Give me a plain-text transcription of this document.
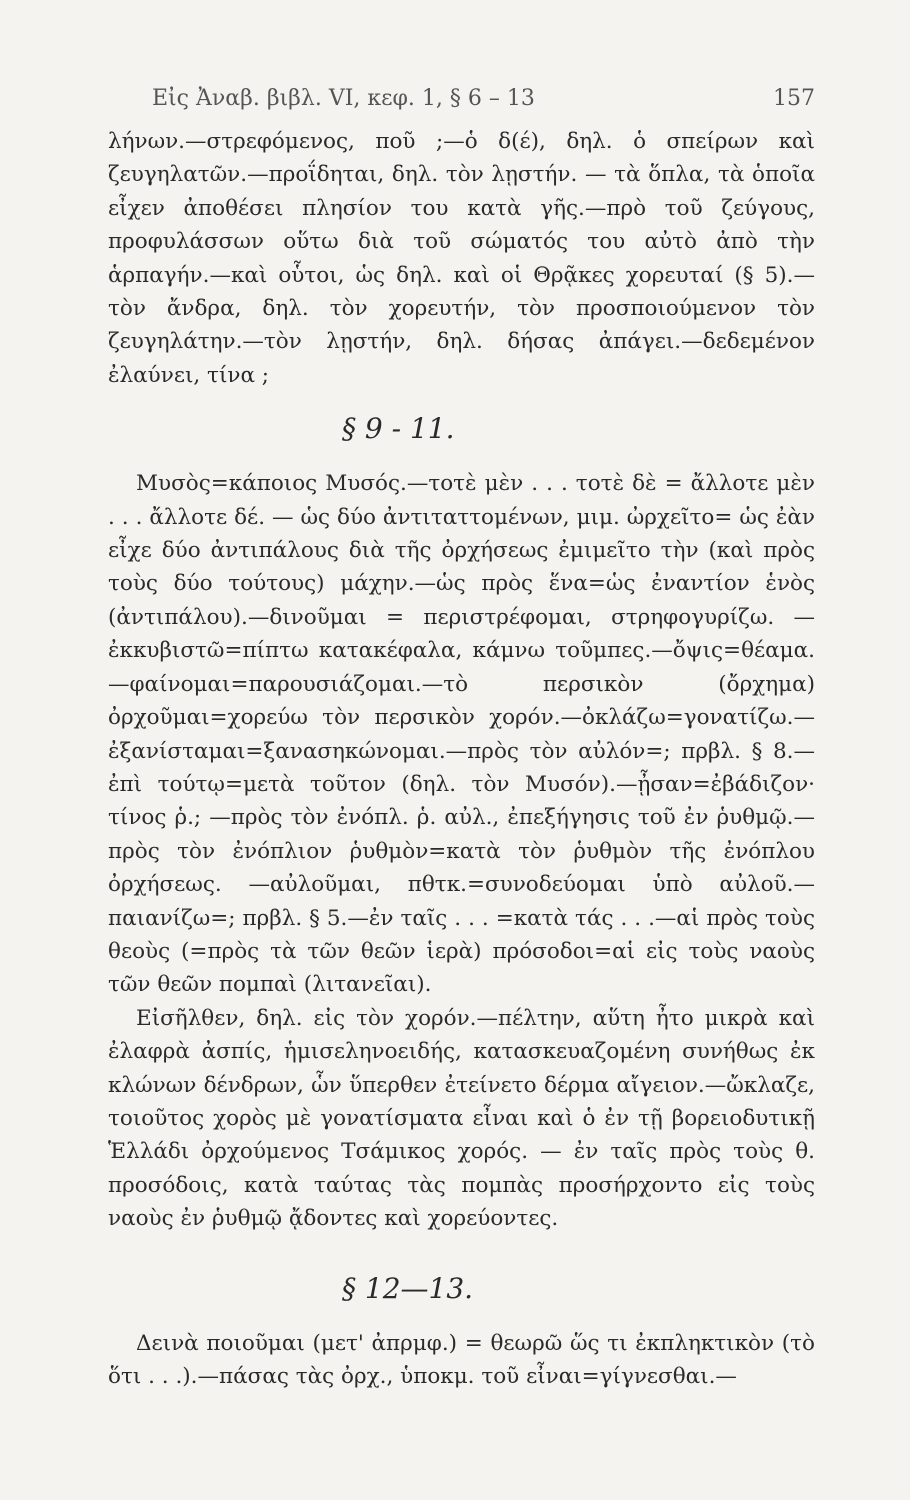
Εἰς Ἀναβ. βιβλ. VI, κεφ. 1, § 6 – 13	157

λήνων.—στρεφόμενος, ποῦ ;—ὁ δ(έ), δηλ. ὁ σπείρων καὶ ζευγηλατῶν.—προΐδηται, δηλ. τὸν λῃστήν. — τὰ ὅπλα, τὰ ὁποῖα εἶχεν ἀποθέσει πλησίον του κατὰ γῆς.—πρὸ τοῦ ζεύγους, προφυλάσσων οὕτω διὰ τοῦ σώματός του αὐτὸ ἀπὸ τὴν ἁρπαγήν.—καὶ οὗτοι, ὡς δηλ. καὶ οἱ Θρᾷκες χορευταί (§ 5).—τὸν ἄνδρα, δηλ. τὸν χορευτήν, τὸν προσποιούμενον τὸν ζευγηλάτην.—τὸν λῃστήν, δηλ. δήσας ἀπάγει.—δεδεμένον ἐλαύνει, τίνα ;

§ 9 - 11.

Μυσὸς=κάποιος Μυσός.—τοτὲ μὲν . . . τοτὲ δὲ = ἄλλοτε μὲν . . . ἄλλοτε δέ. — ὡς δύο ἀντιταττομένων, μιμ. ὠρχεῖτο= ὡς ἐὰν εἶχε δύο ἀντιπάλους διὰ τῆς ὀρχήσεως ἐμιμεῖτο τὴν (καὶ πρὸς τοὺς δύο τούτους) μάχην.—ὡς πρὸς ἕνα=ὡς ἐναντίον ἑνὸς (ἀντιπάλου).—δινοῦμαι = περιστρέφομαι, στρηφογυρίζω. — ἐκκυβιστῶ=πίπτω κατακέφαλα, κάμνω τοῦμπες.—ὄψις=θέαμα. —φαίνομαι=παρουσιάζομαι.—τὸ περσικὸν (ὄρχημα) ὀρχοῦμαι=χορεύω τὸν περσικὸν χορόν.—ὀκλάζω=γονατίζω.—ἐξανίσταμαι=ξανασηκώνομαι.—πρὸς τὸν αὐλόν=; πρβλ. § 8.—ἐπὶ τούτῳ=μετὰ τοῦτον (δηλ. τὸν Μυσόν).—ᾖσαν=ἐβάδιζον· τίνος ῥ.; —πρὸς τὸν ἐνόπλ. ῥ. αὐλ., ἐπεξήγησις τοῦ ἐν ῥυθμῷ.—πρὸς τὸν ἐνόπλιον ῥυθμὸν=κατὰ τὸν ῥυθμὸν τῆς ἐνόπλου ὀρχήσεως. —αὐλοῦμαι, πθτκ.=συνοδεύομαι ὑπὸ αὐλοῦ.—παιανίζω=; πρβλ. § 5.—ἐν ταῖς . . . =κατὰ τάς . . .—αἱ πρὸς τοὺς θεοὺς (=πρὸς τὰ τῶν θεῶν ἱερὰ) πρόσοδοι=αἱ εἰς τοὺς ναοὺς τῶν θεῶν πομπαὶ (λιτανεῖαι).

Εἰσῆλθεν, δηλ. εἰς τὸν χορόν.—πέλτην, αὕτη ἦτο μικρὰ καὶ ἐλαφρὰ ἀσπίς, ἡμισεληνοειδής, κατασκευαζομένη συνήθως ἐκ κλώνων δένδρων, ὧν ὕπερθεν ἐτείνετο δέρμα αἴγειον.—ὤκλαζε, τοιοῦτος χορὸς μὲ γονατίσματα εἶναι καὶ ὁ ἐν τῇ βορειοδυτικῇ Ἑλλάδι ὀρχούμενος Τσάμικος χορός. — ἐν ταῖς πρὸς τοὺς θ. προσόδοις, κατὰ ταύτας τὰς πομπὰς προσήρχοντο εἰς τοὺς ναοὺς ἐν ῥυθμῷ ᾄδοντες καὶ χορεύοντες.

§ 12—13.

Δεινὰ ποιοῦμαι (μετ' ἀπρμφ.) = θεωρῶ ὥς τι ἐκπληκτικὸν (τὸ ὅτι . . .).—πάσας τὰς ὀρχ., ὑποκμ. τοῦ εἶναι=γίγνεσθαι.—
